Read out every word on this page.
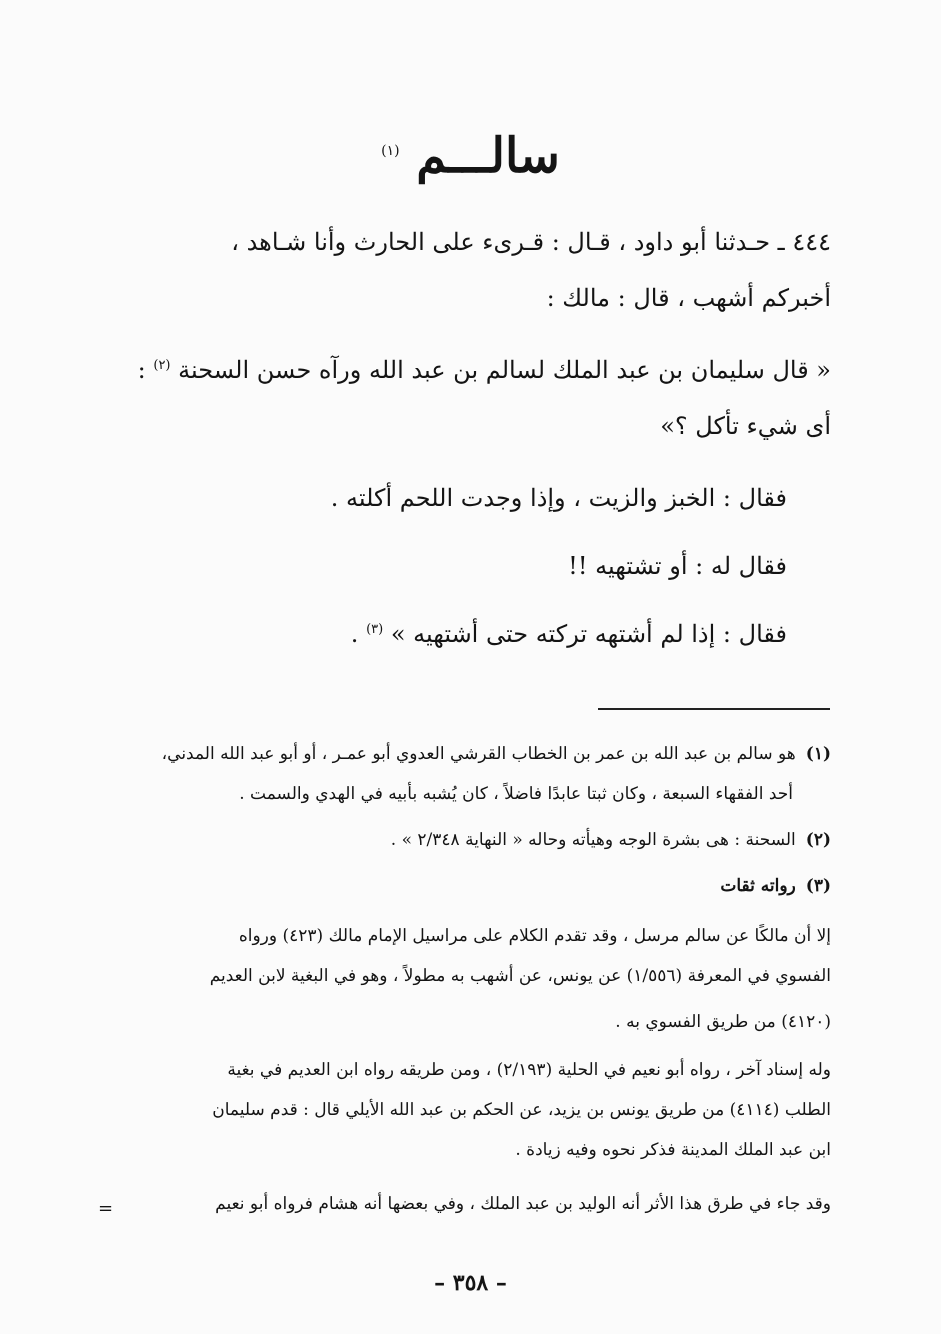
سالـــم $^{(١)}$
٤٤٤ ـ حـدثنا أبو داود ، قـال : قـرىء على الحارث وأنا شـاهد ،
أخبركم أشهب ، قال : مالك :
« قال سليمان بن عبد الملك لسالم بن عبد الله ورآه حسن السحنة $^{(٢)}$ :
أى شيء تأكل ؟»
فقال : الخبز والزيت ، وإذا وجدت اللحم أكلته .
فقال له : أو تشتهيه !!
فقال : إذا لم أشتهه تركته حتى أشتهيه » $^{(٣)}$ .
(١)هو سالم بن عبد الله بن عمر بن الخطاب القرشي العدوي أبو عمـر ، أو أبو عبد الله المدني،
أحد الفقهاء السبعة ، وكان ثبتا عابدًا فاضلاً ، كان يُشبه بأبيه في الهدي والسمت .
(٢)السحنة : هى بشرة الوجه وهيأته وحاله « النهاية ٢/٣٤٨ » .
(٣)رواته ثقات
إلا أن مالكًا عن سالم مرسل ، وقد تقدم الكلام على مراسيل الإمام مالك (٤٢٣) ورواه
الفسوي في المعرفة (١/٥٥٦) عن يونس، عن أشهب به مطولاً ، وهو في البغية لابن العديم
(٤١٢٠) من طريق الفسوي به .
وله إسناد آخر ، رواه أبو نعيم في الحلية (٢/١٩٣) ، ومن طريقه رواه ابن العديم في بغية
الطلب (٤١١٤) من طريق يونس بن يزيد، عن الحكم بن عبد الله الأيلي قال : قدم سليمان
ابن عبد الملك المدينة فذكر نحوه وفيه زيادة .
وقد جاء في طرق هذا الأثر أنه الوليد بن عبد الملك ، وفي بعضها أنه هشام فرواه أبو نعيم
=
– ٣٥٨ –
